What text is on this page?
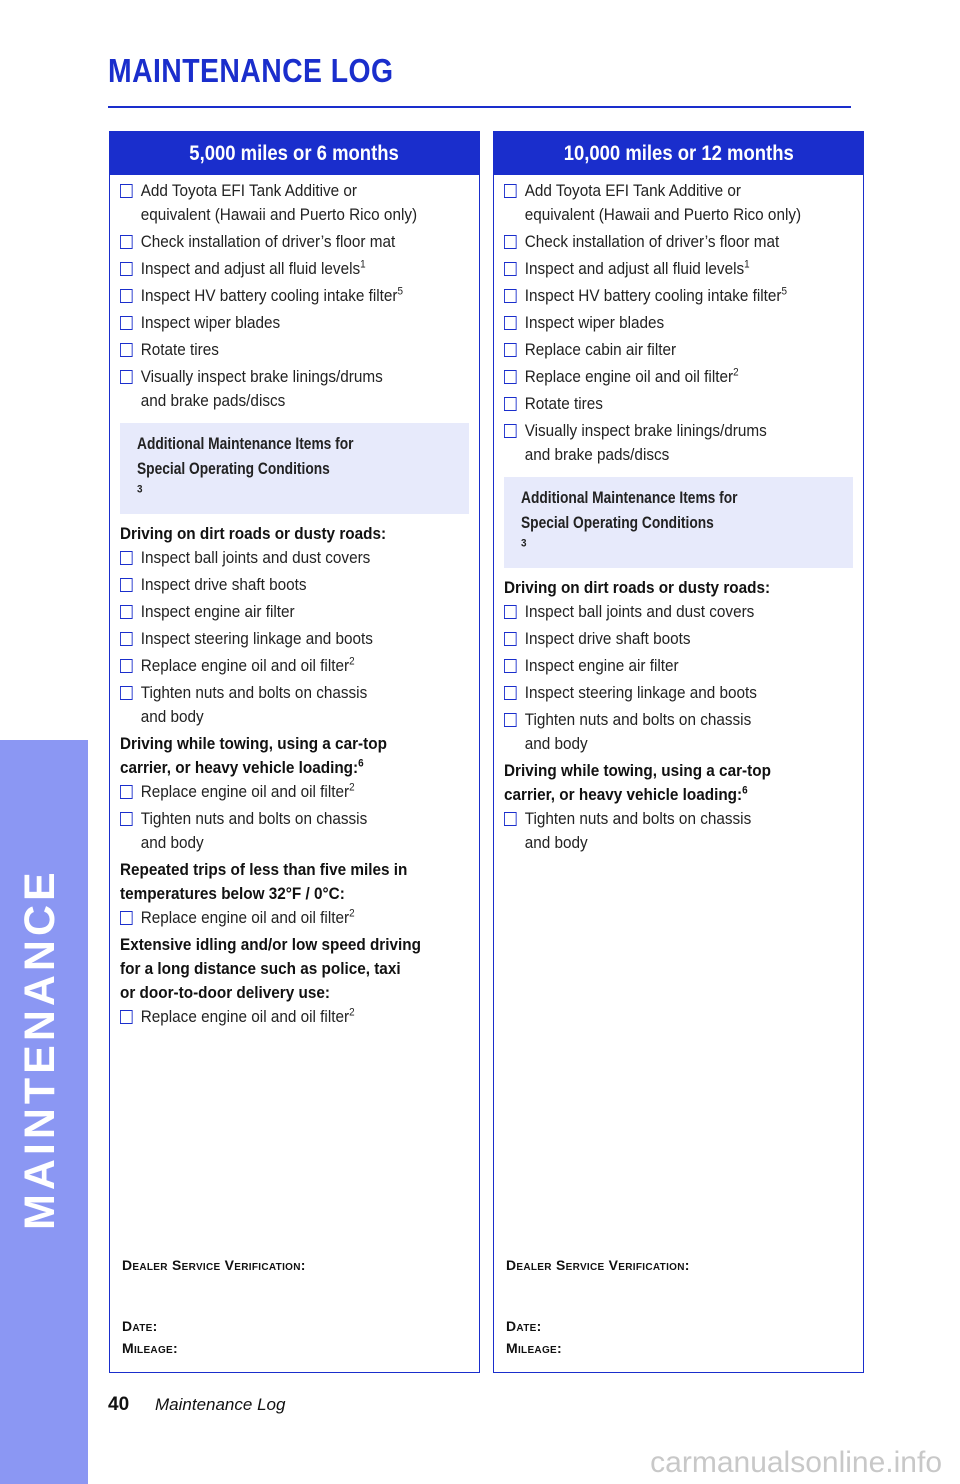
MAINTENANCE LOG
5,000 miles or 6 months
Add Toyota EFI Tank Additive or
equivalent (Hawaii and Puerto Rico only)
Check installation of driver’s floor mat
Inspect and adjust all fluid levels$^1$
Inspect HV battery cooling intake filter$^5$
Inspect wiper blades
Rotate tires
Visually inspect brake linings/drums
and brake pads/discs
Additional Maintenance Items for
Special Operating Conditions$^3$
Driving on dirt roads or dusty roads:
Inspect ball joints and dust covers
Inspect drive shaft boots
Inspect engine air filter
Inspect steering linkage and boots
Replace engine oil and oil filter$^2$
Tighten nuts and bolts on chassis
and body
Driving while towing, using a car-top
carrier, or heavy vehicle loading:$^6$
Replace engine oil and oil filter$^2$
Tighten nuts and bolts on chassis
and body
Repeated trips of less than five miles in
temperatures below 32°F / 0°C:
Replace engine oil and oil filter$^2$
Extensive idling and/or low speed driving
for a long distance such as police, taxi
or door-to-door delivery use:
Replace engine oil and oil filter$^2$
Dealer Service Verification:
Date:
Mileage:
10,000 miles or 12 months
Add Toyota EFI Tank Additive or
equivalent (Hawaii and Puerto Rico only)
Check installation of driver’s floor mat
Inspect and adjust all fluid levels$^1$
Inspect HV battery cooling intake filter$^5$
Inspect wiper blades
Replace cabin air filter
Replace engine oil and oil filter$^2$
Rotate tires
Visually inspect brake linings/drums
and brake pads/discs
Additional Maintenance Items for
Special Operating Conditions$^3$
Driving on dirt roads or dusty roads:
Inspect ball joints and dust covers
Inspect drive shaft boots
Inspect engine air filter
Inspect steering linkage and boots
Tighten nuts and bolts on chassis
and body
Driving while towing, using a car-top
carrier, or heavy vehicle loading:$^6$
Tighten nuts and bolts on chassis
and body
Dealer Service Verification:
Date:
Mileage:
40 Maintenance Log
carmanualsonline.info
